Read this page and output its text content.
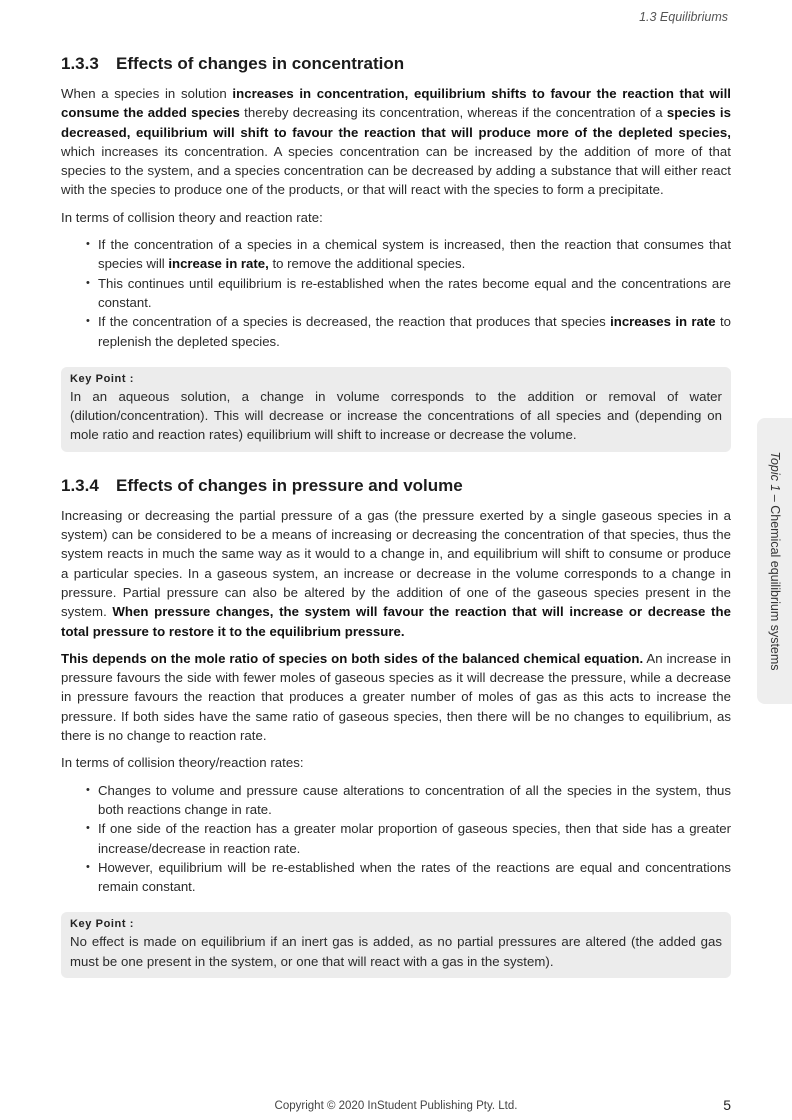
1.3 Equilibriums
Topic 1 – Chemical equilibrium systems
1.3.3 Effects of changes in concentration

When a species in solution increases in concentration, equilibrium shifts to favour the reaction that will consume the added species thereby decreasing its concentration, whereas if the concentration of a species is decreased, equilibrium will shift to favour the reaction that will produce more of the depleted species, which increases its concentration. A species concentration can be increased by the addition of more of that species to the system, and a species concentration can be decreased by adding a substance that will either react with the species to produce one of the products, or that will react with the species to form a precipitate.

In terms of collision theory and reaction rate:

• If the concentration of a species in a chemical system is increased, then the reaction that consumes that species will increase in rate, to remove the additional species.
• This continues until equilibrium is re-established when the rates become equal and the concentrations are constant.
• If the concentration of a species is decreased, the reaction that produces that species increases in rate to replenish the depleted species.
Key Point :

In an aqueous solution, a change in volume corresponds to the addition or removal of water (dilution/concentration). This will decrease or increase the concentrations of all species and (depending on mole ratio and reaction rates) equilibrium will shift to increase or decrease the volume.

1.3.4 Effects of changes in pressure and volume

Increasing or decreasing the partial pressure of a gas (the pressure exerted by a single gaseous species in a system) can be considered to be a means of increasing or decreasing the concentration of that species, thus the system reacts in much the same way as it would to a change in, and equilibrium will shift to consume or produce a particular species. In a gaseous system, an increase or decrease in the volume corresponds to a change in pressure. Partial pressure can also be altered by the addition of one of the gaseous species present in the system. When pressure changes, the system will favour the reaction that will increase or decrease the total pressure to restore it to the equilibrium pressure.

This depends on the mole ratio of species on both sides of the balanced chemical equation. An increase in pressure favours the side with fewer moles of gaseous species as it will decrease the pressure, while a decrease in pressure favours the reaction that produces a greater number of moles of gas as this acts to increase the pressure. If both sides have the same ratio of gaseous species, then there will be no changes to equilibrium, as there is no change to reaction rate.

In terms of collision theory/reaction rates:

• Changes to volume and pressure cause alterations to concentration of all the species in the system, thus both reactions change in rate.
• If one side of the reaction has a greater molar proportion of gaseous species, then that side has a greater increase/decrease in reaction rate.
• However, equilibrium will be re-established when the rates of the reactions are equal and concentrations remain constant.
Key Point :

No effect is made on equilibrium if an inert gas is added, as no partial pressures are altered (the added gas must be one present in the system, or one that will react with a gas in the system).

Copyright © 2020 InStudent Publishing Pty. Ltd.	5
